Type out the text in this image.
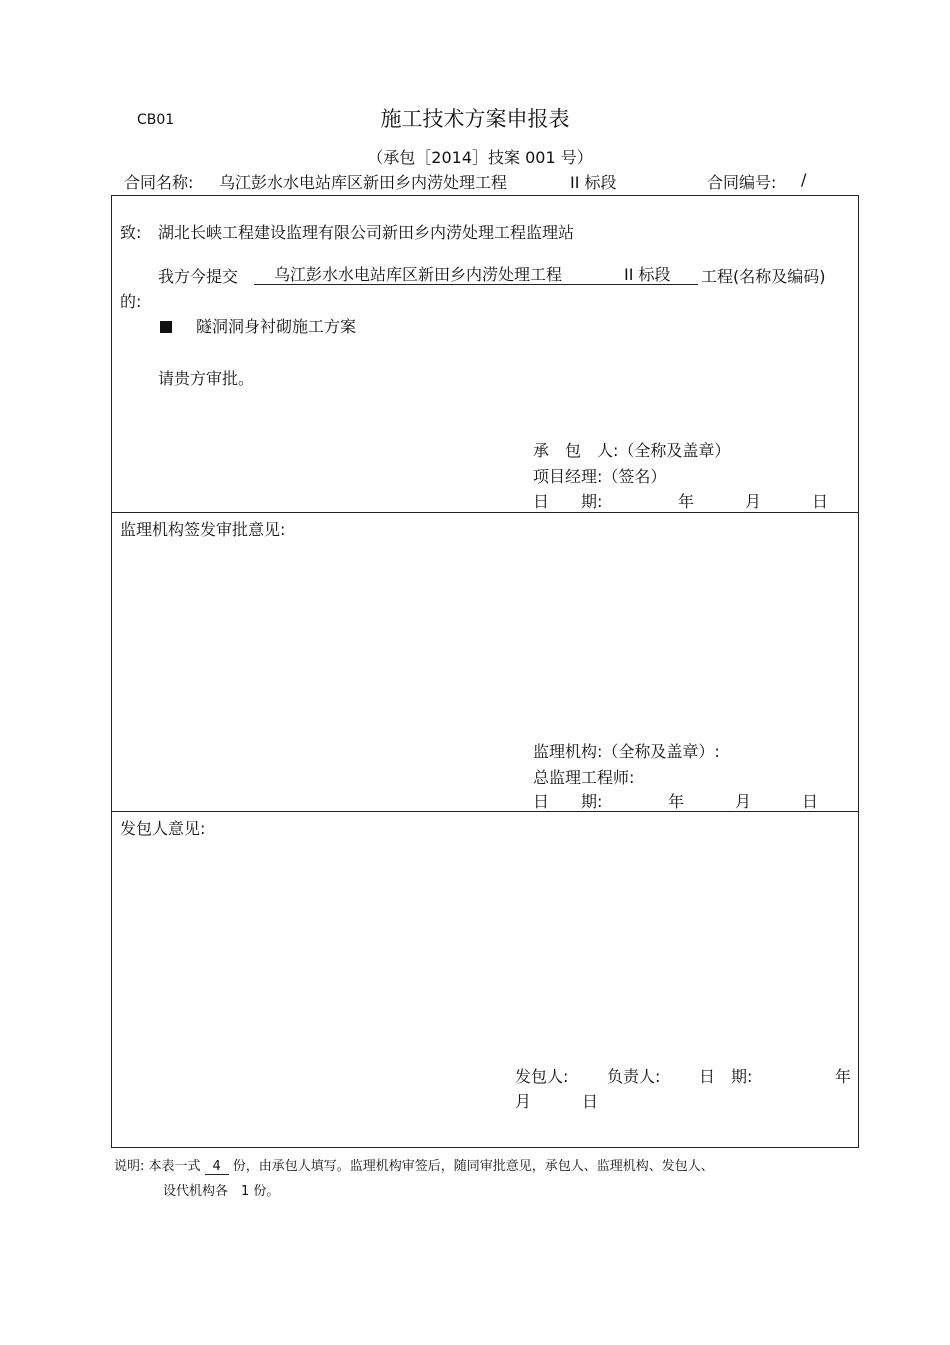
CB01	施工技术方案申报表
（承包［2014］技案 001 号）
合同名称: 乌江彭水水电站库区新田乡内涝处理工程	II 标段	合同编号: /
致: 湖北长峡工程建设监理有限公司新田乡内涝处理工程监理站
我方今提交 乌江彭水水电站库区新田乡内涝处理工程	II 标段 工程(名称及编码)
的:
隧洞洞身衬砌施工方案
请贵方审批。
承　包　人:（全称及盖章）
项目经理:（签名）
日　　期:	年	月	日
监理机构签发审批意见:
监理机构:（全称及盖章）:
总监理工程师:
日　　期:	年	月	日
发包人意见:
发包人: 负责人: 日　期:	年
月	日
说明: 本表一式 4 份，由承包人填写。监理机构审签后，随同审批意见，承包人、监理机构、发包人、
设代机构各　1 份。
